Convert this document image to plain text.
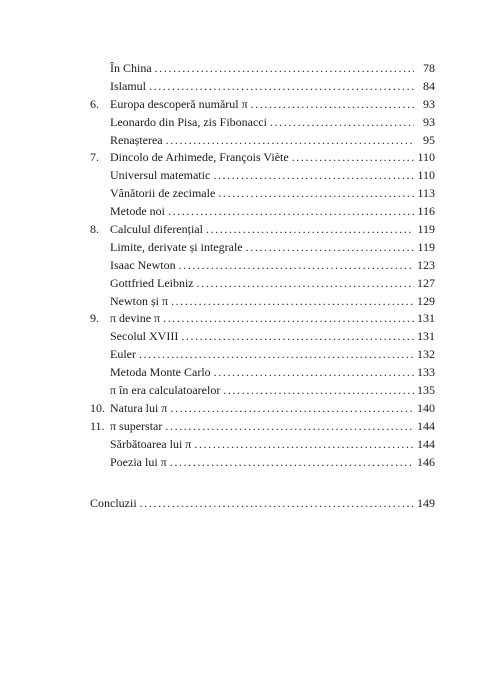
În China .....	78
Islamul .....	84
6. Europa descoperă numărul π .....	93
Leonardo din Pisa, zis Fibonacci .....	93
Renașterea .....	95
7. Dincolo de Arhimede, François Viète .....	110
Universul matematic .....	110
Vânătorii de zecimale .....	113
Metode noi .....	116
8. Calculul diferențial .....	119
Limite, derivate și integrale .....	119
Isaac Newton .....	123
Gottfried Leibniz .....	127
Newton și π .....	129
9. π devine π .....	131
Secolul XVIII .....	131
Euler .....	132
Metoda Monte Carlo .....	133
π în era calculatoarelor .....	135
10. Natura lui π .....	140
11. π superstar .....	144
Sărbătoarea lui π .....	144
Poezia lui π .....	146
Concluzii .....	149
